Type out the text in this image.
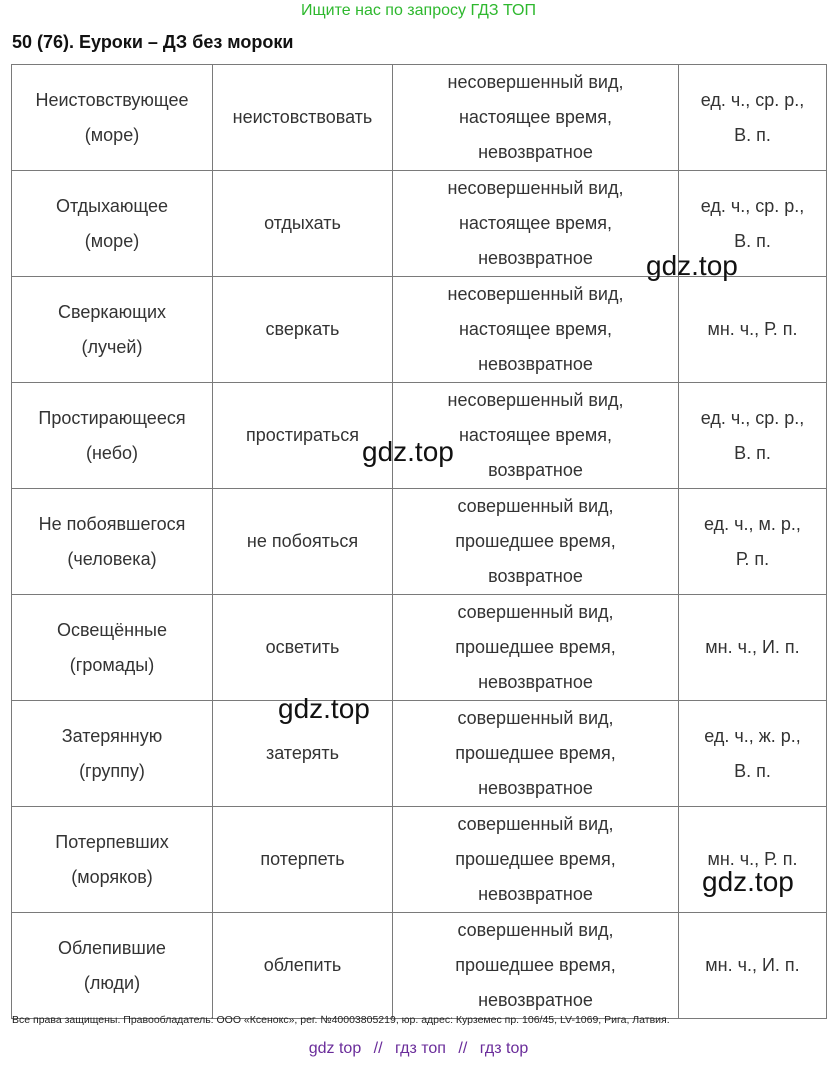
Ищите нас по запросу ГДЗ ТОП
50 (76). Еуроки – ДЗ без мороки
Неистовствующее
(море)	неистовствовать	несовершенный вид,
настоящее время,
невозвратное	ед. ч., ср. р.,
В. п.

Отдыхающее
(море)	отдыхать	несовершенный вид,
настоящее время,
невозвратное	ед. ч., ср. р.,
В. п.

Сверкающих
(лучей)	сверкать	несовершенный вид,
настоящее время,
невозвратное	мн. ч., Р. п.

Простирающееся
(небо)	простираться	несовершенный вид,
настоящее время,
возвратное	ед. ч., ср. р.,
В. п.

Не побоявшегося
(человека)	не побояться	совершенный вид,
прошедшее время,
возвратное	ед. ч., м. р.,
Р. п.

Освещённые
(громады)	осветить	совершенный вид,
прошедшее время,
невозвратное	мн. ч., И. п.

Затерянную
(группу)	затерять	совершенный вид,
прошедшее время,
невозвратное	ед. ч., ж. р.,
В. п.

Потерпевших
(моряков)	потерпеть	совершенный вид,
прошедшее время,
невозвратное	мн. ч., Р. п.

Облепившие
(люди)	облепить	совершенный вид,
прошедшее время,
невозвратное	мн. ч., И. п.
gdz.top
gdz.top
gdz.top
gdz.top
Все права защищены. Правообладатель: ООО «Ксенокс», рег. №40003805219, юр. адрес: Курземес пр. 106/45, LV-1069, Рига, Латвия.
gdz top // гдз топ // гдз top
